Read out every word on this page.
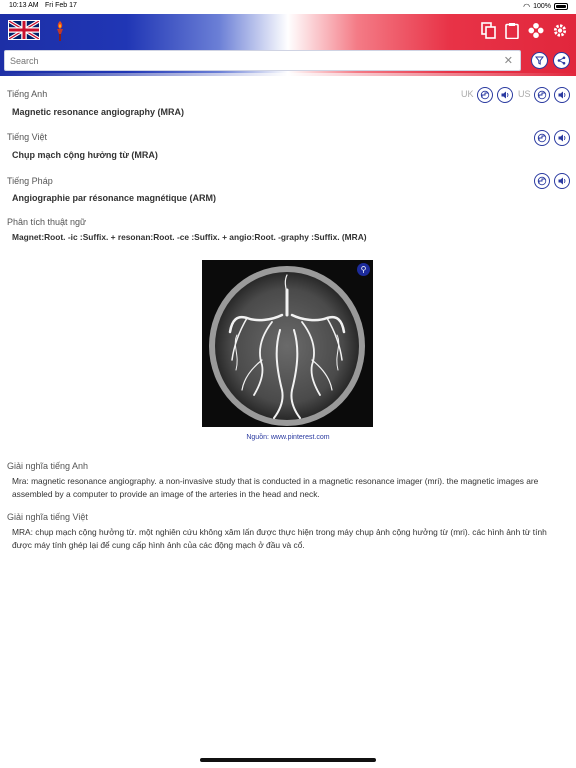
10:13 AM Fri Feb 17	◠ 100%
Search
✕
Tiếng Anh	UK	US
Magnetic resonance angiography (MRA)
Tiếng Việt
Chụp mạch cộng hưởng từ (MRA)
Tiếng Pháp
Angiographie par résonance magnétique (ARM)
Phân tích thuật ngữ
Magnet:Root. -ic :Suffix. + resonan:Root. -ce :Suffix. + angio:Root. -graphy :Suffix. (MRA)
⚲
Nguồn: www.pinterest.com
Giải nghĩa tiếng Anh
Mra: magnetic resonance angiography. a non-invasive study that is conducted in a magnetic resonance imager (mri). the magnetic images are assembled by a computer to provide an image of the arteries in the head and neck.
Giải nghĩa tiếng Việt
MRA: chụp mạch cộng hưởng từ. một nghiên cứu không xâm lấn được thực hiện trong máy chụp ảnh cộng hưởng từ (mri). các hình ảnh từ tính được máy tính ghép lại để cung cấp hình ảnh của các động mạch ở đầu và cổ.
